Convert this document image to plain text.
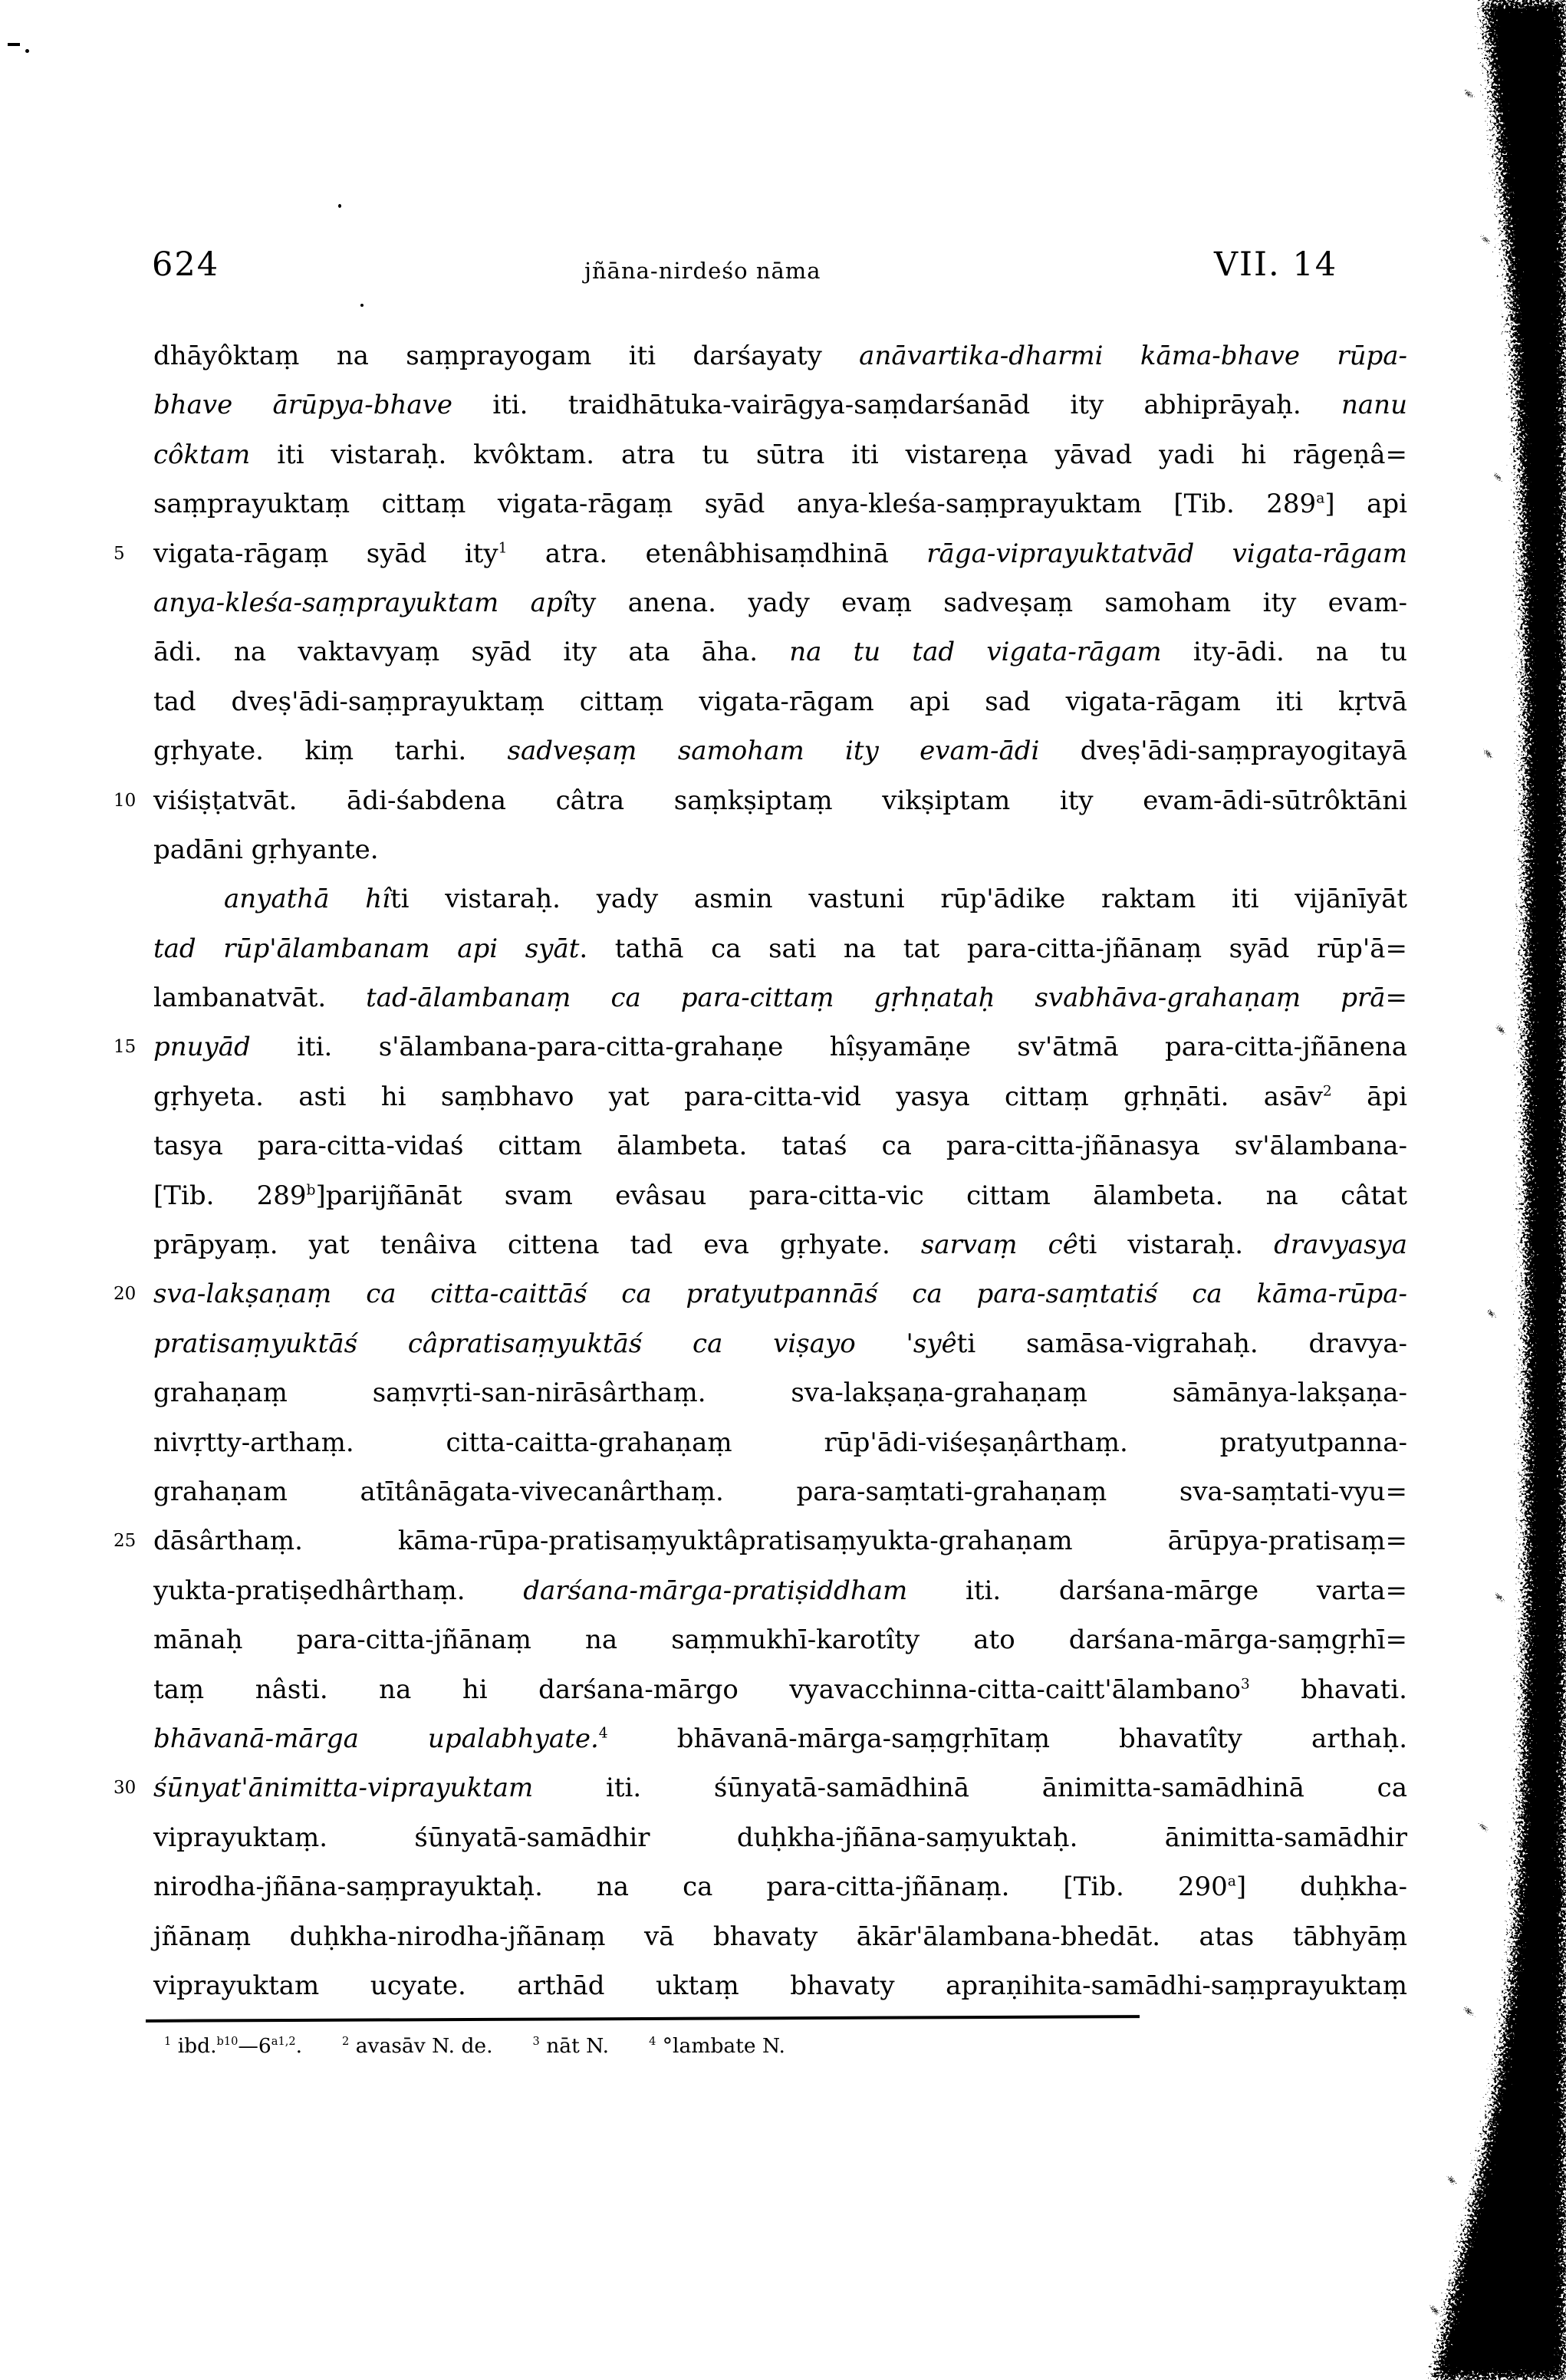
624	jñāna-nirdeśo nāma	VII. 14
dhāyôktaṃ na saṃprayogam iti darśayaty anāvartika-dharmi kāma-bhave rūpa-
bhave ārūpya-bhave iti. traidhātuka-vairāgya-saṃdarśanād ity abhiprāyaḥ. nanu
côktam iti vistaraḥ. kvôktam. atra tu sūtra iti vistareṇa yāvad yadi hi rāgeṇâ=
saṃprayuktaṃ cittaṃ vigata-rāgaṃ syād anya-kleśa-saṃprayuktam [Tib. 289$^a$] api
5	vigata-rāgaṃ syād ity$^1$ atra. etenâbhisaṃdhinā rāga-viprayuktatvād vigata-rāgam
anya-kleśa-saṃprayuktam apîty anena. yady evaṃ sadveṣaṃ samoham ity evam-
ādi. na vaktavyaṃ syād ity ata āha. na tu tad vigata-rāgam ity-ādi. na tu
tad dveṣ'ādi-saṃprayuktaṃ cittaṃ vigata-rāgam api sad vigata-rāgam iti kṛtvā
gṛhyate. kiṃ tarhi. sadveṣaṃ samoham ity evam-ādi dveṣ'ādi-saṃprayogitayā
10 viśiṣṭatvāt. ādi-śabdena câtra saṃkṣiptaṃ vikṣiptam ity evam-ādi-sūtrôktāni
padāni gṛhyante.
anyathā hîti vistaraḥ. yady asmin vastuni rūp'ādike raktam iti vijānīyāt
tad rūp'ālambanam api syāt. tathā ca sati na tat para-citta-jñānaṃ syād rūp'ā=
lambanatvāt. tad-ālambanaṃ ca para-cittaṃ gṛhṇataḥ svabhāva-grahaṇaṃ prā=
15 pnuyād iti. s'ālambana-para-citta-grahaṇe hîṣyamāṇe sv'ātmā para-citta-jñānena
gṛhyeta. asti hi saṃbhavo yat para-citta-vid yasya cittaṃ gṛhṇāti. asāv$^2$ āpi
tasya para-citta-vidaś cittam ālambeta. tataś ca para-citta-jñānasya sv'ālambana-
[Tib. 289$^b$]parijñānāt svam evâsau para-citta-vic cittam ālambeta. na câtat
prāpyaṃ. yat tenâiva cittena tad eva gṛhyate. sarvaṃ cêti vistaraḥ. dravyasya
20 sva-lakṣaṇaṃ ca citta-caittāś ca pratyutpannāś ca para-saṃtatiś ca kāma-rūpa-
pratisaṃyuktāś câpratisaṃyuktāś ca viṣayo 'syêti samāsa-vigrahaḥ. dravya-
grahaṇaṃ saṃvṛti-san-nirāsârthaṃ. sva-lakṣaṇa-grahaṇaṃ sāmānya-lakṣaṇa-
nivṛtty-arthaṃ. citta-caitta-grahaṇaṃ rūp'ādi-viśeṣaṇârthaṃ. pratyutpanna-
grahaṇam atītânāgata-vivecanârthaṃ. para-saṃtati-grahaṇaṃ sva-saṃtati-vyu=
25 dāsârthaṃ. kāma-rūpa-pratisaṃyuktâpratisaṃyukta-grahaṇam ārūpya-pratisaṃ=
yukta-pratiṣedhârthaṃ. darśana-mārga-pratiṣiddham iti. darśana-mārge varta=
mānaḥ para-citta-jñānaṃ na saṃmukhī-karotîty ato darśana-mārga-saṃgṛhī=
taṃ nâsti. na hi darśana-mārgo vyavacchinna-citta-caitt'ālambano$^3$ bhavati.
bhāvanā-mārga upalabhyate.$^4$ bhāvanā-mārga-saṃgṛhītaṃ bhavatîty arthaḥ.
30 śūnyat'ānimitta-viprayuktam iti. śūnyatā-samādhinā ānimitta-samādhinā ca
viprayuktaṃ. śūnyatā-samādhir duḥkha-jñāna-saṃyuktaḥ. ānimitta-samādhir
nirodha-jñāna-saṃprayuktaḥ. na ca para-citta-jñānaṃ. [Tib. 290$^a$] duḥkha-
jñānaṃ duḥkha-nirodha-jñānaṃ vā bhavaty ākār'ālambana-bhedāt. atas tābhyāṃ
viprayuktam ucyate. arthād uktaṃ bhavaty apraṇihita-samādhi-saṃprayuktaṃ
$^1$ $ibd.^{b10}—6^{a1,2}$.	$^2$ avasāv N. de.	$^3$ nāt N.	$^4$ °lambate N.
